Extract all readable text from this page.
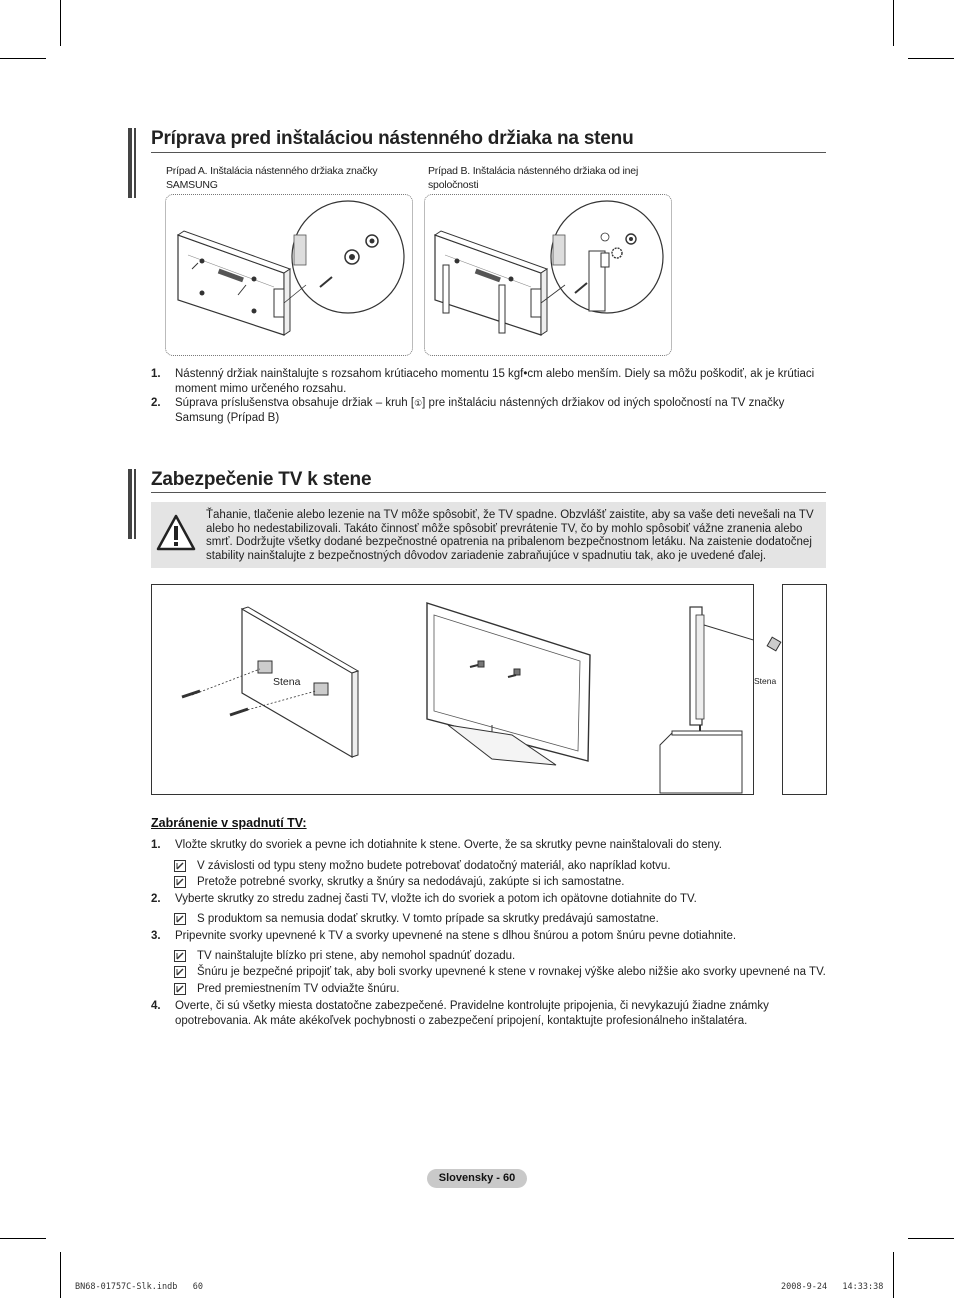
Príprava pred inštaláciou nástenného držiaka na stenu
Prípad A. Inštalácia nástenného držiaka značky SAMSUNG
Prípad B. Inštalácia nástenného držiaka od inej spoločnosti
1. Nástenný držiak nainštalujte s rozsahom krútiaceho momentu 15 kgf•cm alebo menším. Diely sa môžu poškodiť, ak je krútiaci moment mimo určeného rozsahu.
2. Súprava príslušenstva obsahuje držiak – kruh [①] pre inštaláciu nástenných držiakov od iných spoločností na TV značky Samsung (Prípad B)
Zabezpečenie TV k stene
Ťahanie, tlačenie alebo lezenie na TV môže spôsobiť, že TV spadne. Obzvlášť zaistite, aby sa vaše deti nevešali na TV alebo ho nedestabilizovali. Takáto činnosť môže spôsobiť prevrátenie TV, čo by mohlo spôsobiť vážne zranenia alebo smrť. Dodržujte všetky dodané bezpečnostné opatrenia na pribalenom bezpečnostnom letáku. Na zaistenie dodatočnej stability nainštalujte z bezpečnostných dôvodov zariadenie zabraňujúce v spadnutiu tak, ako je uvedené ďalej.
Stena	Stena
Zabránenie v spadnutí TV:
1. Vložte skrutky do svoriek a pevne ich dotiahnite k stene. Overte, že sa skrutky pevne nainštalovali do steny.
V závislosti od typu steny možno budete potrebovať dodatočný materiál, ako napríklad kotvu.
Pretože potrebné svorky, skrutky a šnúry sa nedodávajú, zakúpte si ich samostatne.
2. Vyberte skrutky zo stredu zadnej časti TV, vložte ich do svoriek a potom ich opätovne dotiahnite do TV.
S produktom sa nemusia dodať skrutky. V tomto prípade sa skrutky predávajú samostatne.
3. Pripevnite svorky upevnené k TV a svorky upevnené na stene s dlhou šnúrou a potom šnúru pevne dotiahnite.
TV nainštalujte blízko pri stene, aby nemohol spadnúť dozadu.
Šnúru je bezpečné pripojiť tak, aby boli svorky upevnené k stene v rovnakej výške alebo nižšie ako svorky upevnené na TV.
Pred premiestnením TV odviažte šnúru.
4. Overte, či sú všetky miesta dostatočne zabezpečené. Pravidelne kontrolujte pripojenia, či nevykazujú žiadne známky opotrebovania. Ak máte akékoľvek pochybnosti o zabezpečení pripojení, kontaktujte profesionálneho inštalatéra.
Slovensky - 60
BN68-01757C-Slk.indb   60	2008-9-24   14:33:38
